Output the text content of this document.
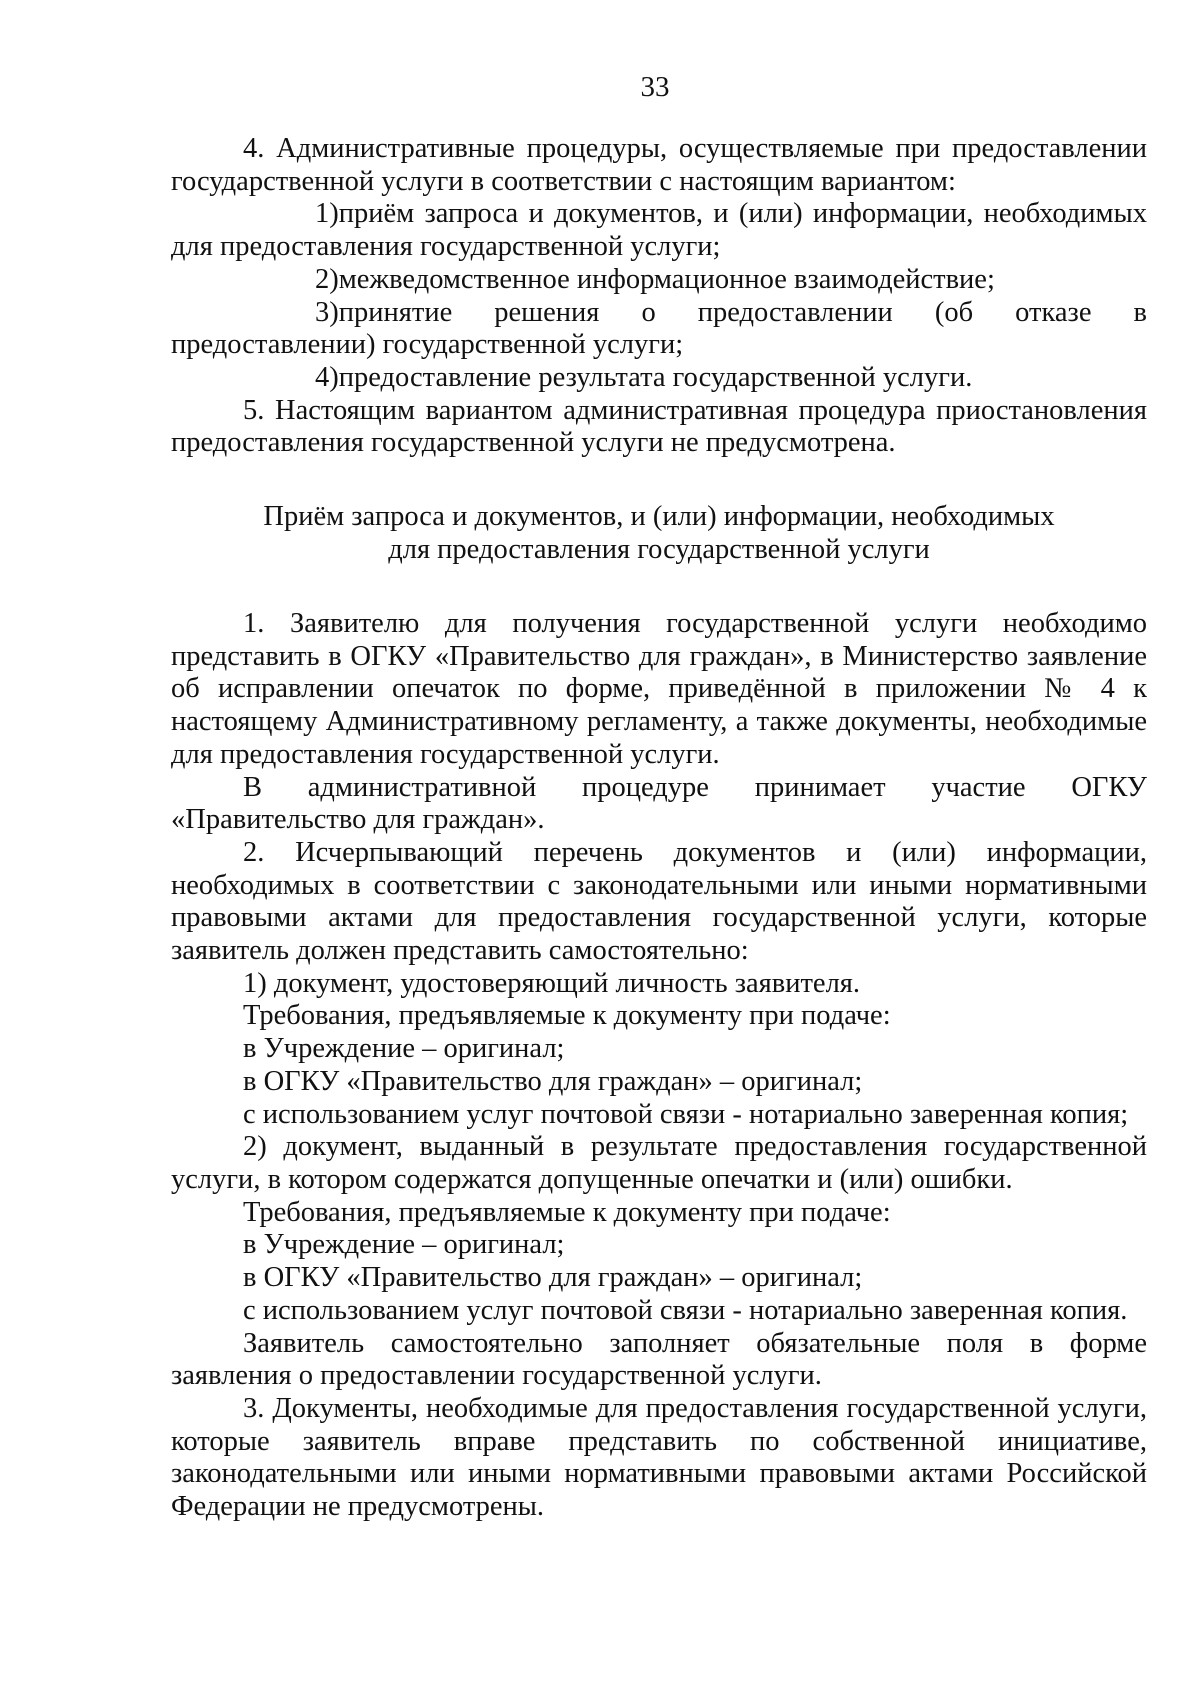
33

4. Административные процедуры, осуществляемые при предоставлении государственной услуги в соответствии с настоящим вариантом:

1)приём запроса и документов, и (или) информации, необходимых для предоставления государственной услуги;

2)межведомственное информационное взаимодействие;

3)принятие решения о предоставлении (об отказе в предоставлении) государственной услуги;

4)предоставление результата государственной услуги.

5. Настоящим вариантом административная процедура приостановления предоставления государственной услуги не предусмотрена.

Приём запроса и документов, и (или) информации, необходимых
для предоставления государственной услуги

1. Заявителю для получения государственной услуги необходимо представить в ОГКУ «Правительство для граждан», в Министерство заявление об исправлении опечаток по форме, приведённой в приложении № 4 к настоящему Административному регламенту, а также документы, необходимые для предоставления государственной услуги.

В административной процедуре принимает участие ОГКУ «Правительство для граждан».

2. Исчерпывающий перечень документов и (или) информации, необходимых в соответствии с законодательными или иными нормативными правовыми актами для предоставления государственной услуги, которые заявитель должен представить самостоятельно:

1) документ, удостоверяющий личность заявителя.

Требования, предъявляемые к документу при подаче:

в Учреждение – оригинал;

в ОГКУ «Правительство для граждан» – оригинал;

с использованием услуг почтовой связи - нотариально заверенная копия;

2) документ, выданный в результате предоставления государственной услуги, в котором содержатся допущенные опечатки и (или) ошибки.

Требования, предъявляемые к документу при подаче:

в Учреждение – оригинал;

в ОГКУ «Правительство для граждан» – оригинал;

с использованием услуг почтовой связи - нотариально заверенная копия.

Заявитель самостоятельно заполняет обязательные поля в форме заявления о предоставлении государственной услуги.

3. Документы, необходимые для предоставления государственной услуги, которые заявитель вправе представить по собственной инициативе, законодательными или иными нормативными правовыми актами Российской Федерации не предусмотрены.
